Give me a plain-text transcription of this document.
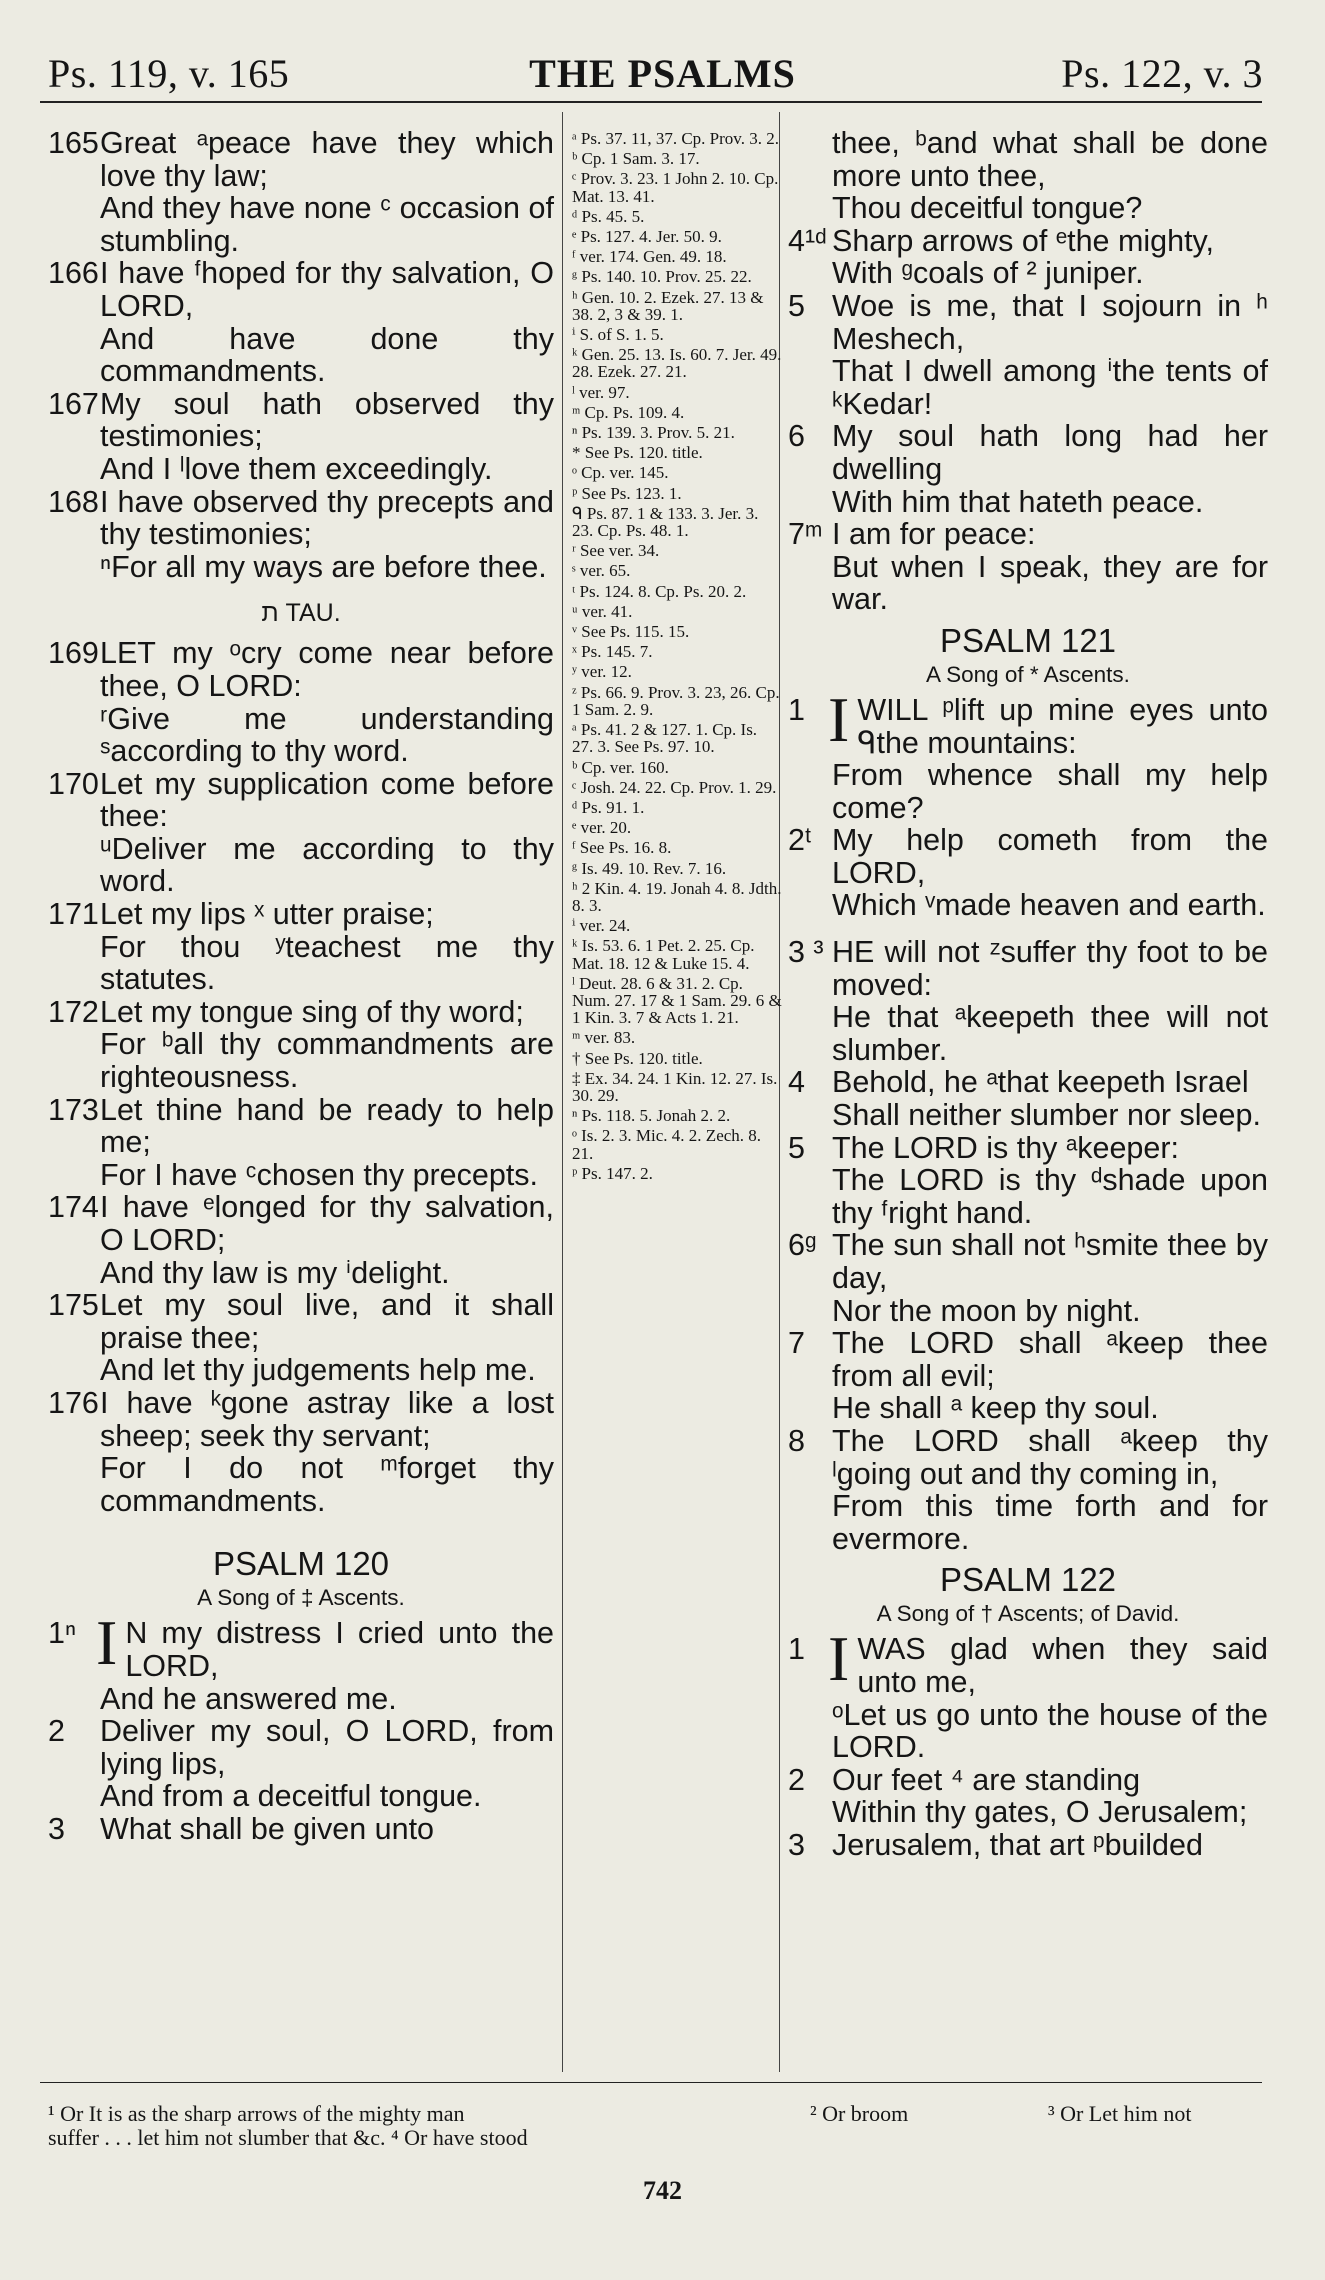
Ps. 119, v. 165	THE PSALMS	Ps. 122, v. 3
165 Great ᵃpeace have they which love thy law;
And they have none ᶜ occasion of stumbling.
166 I have ᶠhoped for thy salvation, O LORD,
And have done thy commandments.
167 My soul hath observed thy testimonies;
And I ˡlove them exceedingly.
168 I have observed thy precepts and thy testimonies;
ⁿFor all my ways are before thee.
ת TAU.
169 LET my ᵒcry come near before thee, O LORD:
ʳGive me understanding ˢaccording to thy word.
170 Let my supplication come before thee:
ᵘDeliver me according to thy word.
171 Let my lips ˣ utter praise;
For thou ʸteachest me thy statutes.
172 Let my tongue sing of thy word;
For ᵇall thy commandments are righteousness.
173 Let thine hand be ready to help me;
For I have ᶜchosen thy precepts.
174 I have ᵉlonged for thy salvation, O LORD;
And thy law is my ⁱdelight.
175 Let my soul live, and it shall praise thee;
And let thy judgements help me.
176 I have ᵏgone astray like a lost sheep; seek thy servant;
For I do not ᵐforget thy commandments.
PSALM 120
A Song of ‡ Ascents.
1ⁿ I N my distress I cried unto the LORD,
And he answered me.
2	Deliver my soul, O LORD, from lying lips,
And from a deceitful tongue.
3	What shall be given unto
ᵃ Ps. 37. 11, 37. Cp. Prov. 3. 2.
ᵇ Cp. 1 Sam. 3. 17.
ᶜ Prov. 3. 23. 1 John 2. 10. Cp. Mat. 13. 41.
ᵈ Ps. 45. 5.
ᵉ Ps. 127. 4. Jer. 50. 9.
ᶠ ver. 174. Gen. 49. 18.
ᵍ Ps. 140. 10. Prov. 25. 22.
ʰ Gen. 10. 2. Ezek. 27. 13 & 38. 2, 3 & 39. 1.
ⁱ S. of S. 1. 5.
ᵏ Gen. 25. 13. Is. 60. 7. Jer. 49. 28. Ezek. 27. 21.
ˡ ver. 97.
ᵐ Cp. Ps. 109. 4.
ⁿ Ps. 139. 3. Prov. 5. 21.
* See Ps. 120. title.
ᵒ Cp. ver. 145.
ᵖ See Ps. 123. 1.
ᑫ Ps. 87. 1 & 133. 3. Jer. 3. 23. Cp. Ps. 48. 1.
ʳ See ver. 34.
ˢ ver. 65.
ᵗ Ps. 124. 8. Cp. Ps. 20. 2.
ᵘ ver. 41.
ᵛ See Ps. 115. 15.
ˣ Ps. 145. 7.
ʸ ver. 12.
ᶻ Ps. 66. 9. Prov. 3. 23, 26. Cp. 1 Sam. 2. 9.
ᵃ Ps. 41. 2 & 127. 1. Cp. Is. 27. 3. See Ps. 97. 10.
ᵇ Cp. ver. 160.
ᶜ Josh. 24. 22. Cp. Prov. 1. 29.
ᵈ Ps. 91. 1.
ᵉ ver. 20.
ᶠ See Ps. 16. 8.
ᵍ Is. 49. 10. Rev. 7. 16.
ʰ 2 Kin. 4. 19. Jonah 4. 8. Jdth. 8. 3.
ⁱ ver. 24.
ᵏ Is. 53. 6. 1 Pet. 2. 25. Cp. Mat. 18. 12 & Luke 15. 4.
ˡ Deut. 28. 6 & 31. 2. Cp. Num. 27. 17 & 1 Sam. 29. 6 & 1 Kin. 3. 7 & Acts 1. 21.
ᵐ ver. 83.
† See Ps. 120. title.
‡ Ex. 34. 24. 1 Kin. 12. 27. Is. 30. 29.
ⁿ Ps. 118. 5. Jonah 2. 2.
ᵒ Is. 2. 3. Mic. 4. 2. Zech. 8. 21.
ᵖ Ps. 147. 2.
thee, ᵇand what shall be done more unto thee,
Thou deceitful tongue?
4¹ᵈ Sharp arrows of ᵉthe mighty,
With ᵍcoals of ² juniper.
5 Woe is me, that I sojourn in ʰ Meshech,
That I dwell among ⁱthe tents of ᵏKedar!
6 My soul hath long had her dwelling
With him that hateth peace.
7ᵐ I am for peace:
But when I speak, they are for war.
PSALM 121
A Song of * Ascents.
1 IWILL ᵖlift up mine eyes unto ᑫthe mountains:
From whence shall my help come?
2ᵗ My help cometh from the LORD,
Which ᵛmade heaven and earth.
3 ³ HE will not ᶻsuffer thy foot to be moved:
He that ᵃkeepeth thee will not slumber.
4 Behold, he ᵃthat keepeth Israel
Shall neither slumber nor sleep.
5 The LORD is thy ᵃkeeper:
The LORD is thy ᵈshade upon thy ᶠright hand.
6ᵍ The sun shall not ʰsmite thee by day,
Nor the moon by night.
7 The LORD shall ᵃkeep thee from all evil;
He shall ᵃ keep thy soul.
8 The LORD shall ᵃkeep thy ˡgoing out and thy coming in,
From this time forth and for evermore.
PSALM 122
A Song of † Ascents; of David.
1 IWAS glad when they said unto me,
ᵒLet us go unto the house of the LORD.
2 Our feet ⁴ are standing
Within thy gates, O Jerusalem;
3 Jerusalem, that art ᵖbuilded
¹ Or It is as the sharp arrows of the mighty man	² Or broom	³ Or Let him not
suffer . . . let him not slumber that &c. ⁴ Or have stood
742
